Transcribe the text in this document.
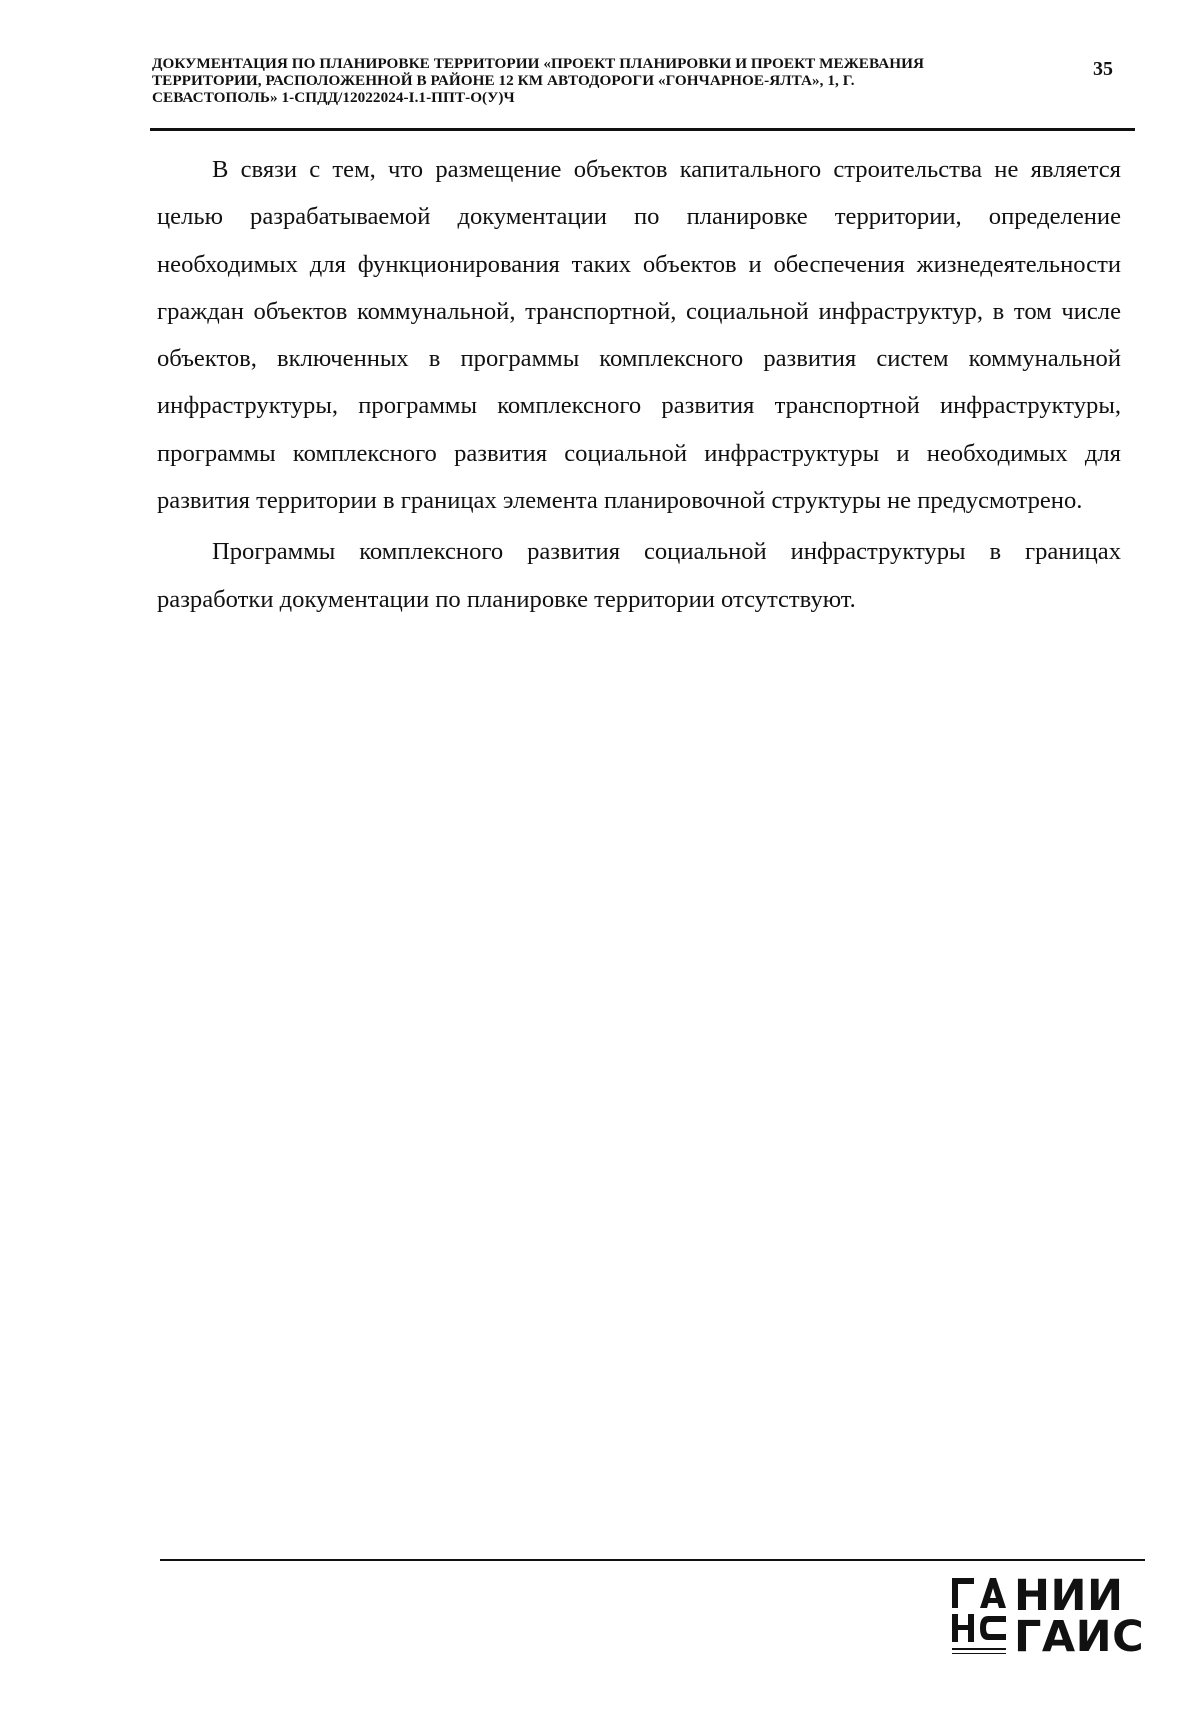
ДОКУМЕНТАЦИЯ ПО ПЛАНИРОВКЕ ТЕРРИТОРИИ «ПРОЕКТ ПЛАНИРОВКИ И ПРОЕКТ МЕЖЕВАНИЯ
ТЕРРИТОРИИ, РАСПОЛОЖЕННОЙ В РАЙОНЕ 12 КМ АВТОДОРОГИ «ГОНЧАРНОЕ-ЯЛТА», 1, Г.
СЕВАСТОПОЛЬ» 1-СПДД/12022024-I.1-ППТ-О(У)Ч
35

В связи с тем, что размещение объектов капитального строительства не является целью разрабатываемой документации по планировке территории, определение необходимых для функционирования таких объектов и обеспечения жизнедеятельности граждан объектов коммунальной, транспортной, социальной инфраструктур, в том числе объектов, включенных в программы комплексного развития систем коммунальной инфраструктуры, программы комплексного развития транспортной инфраструктуры, программы комплексного развития социальной инфраструктуры и необходимых для развития территории в границах элемента планировочной структуры не предусмотрено.

Программы комплексного развития социальной инфраструктуры в границах разработки документации по планировке территории отсутствуют.

НИИ
ГАИС
